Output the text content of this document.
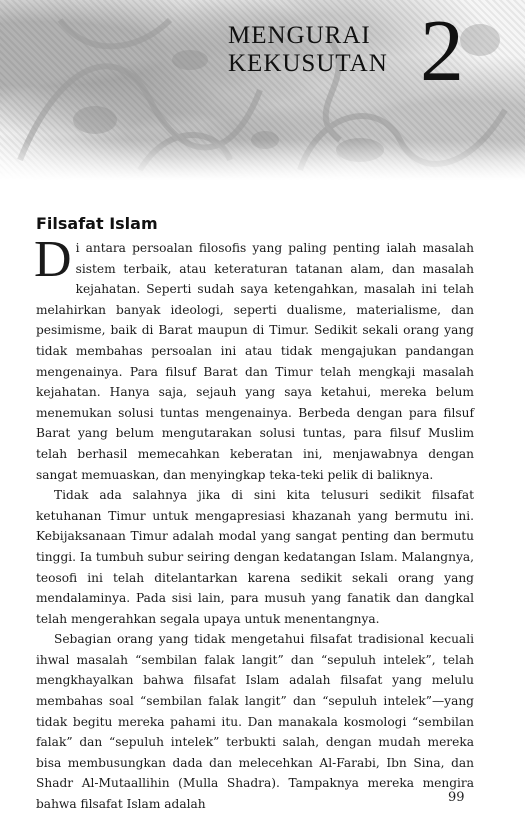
MENGURAI
KEKUSUTAN 2
Filsafat Islam

Di antara persoalan filosofis yang paling penting ialah masalah sistem terbaik, atau keteraturan tatanan alam, dan masalah kejahatan. Seperti sudah saya ketengahkan, masalah ini telah melahirkan banyak ideologi, seperti dualisme, materialisme, dan pesimisme, baik di Barat maupun di Timur. Sedikit sekali orang yang tidak membahas persoalan ini atau tidak mengajukan pandangan mengenainya. Para filsuf Barat dan Timur telah mengkaji masalah kejahatan. Hanya saja, sejauh yang saya ketahui, mereka belum menemukan solusi tuntas mengenainya. Berbeda dengan para filsuf Barat yang belum mengutarakan solusi tuntas, para filsuf Muslim telah berhasil memecahkan keberatan ini, menjawabnya dengan sangat memuaskan, dan menyingkap teka-teki pelik di baliknya.

Tidak ada salahnya jika di sini kita telusuri sedikit filsafat ketuhanan Timur untuk mengapresiasi khazanah yang bermutu ini. Kebijaksanaan Timur adalah modal yang sangat penting dan bermutu tinggi. Ia tumbuh subur seiring dengan kedatangan Islam. Malangnya, teosofi ini telah ditelantarkan karena sedikit sekali orang yang mendalaminya. Pada sisi lain, para musuh yang fanatik dan dangkal telah mengerahkan segala upaya untuk menentangnya.

Sebagian orang yang tidak mengetahui filsafat tradisional kecuali ihwal masalah “sembilan falak langit” dan “sepuluh intelek”, telah mengkhayalkan bahwa filsafat Islam adalah filsafat yang melulu membahas soal “sembilan falak langit” dan “sepuluh intelek”—yang tidak begitu mereka pahami itu. Dan manakala kosmologi “sembilan falak” dan “sepuluh intelek” terbukti salah, dengan mudah mereka bisa membusungkan dada dan melecehkan Al-Farabi, Ibn Sina, dan Shadr Al-Mutaallihin (Mulla Shadra). Tampaknya mereka mengira bahwa filsafat Islam adalah	99
